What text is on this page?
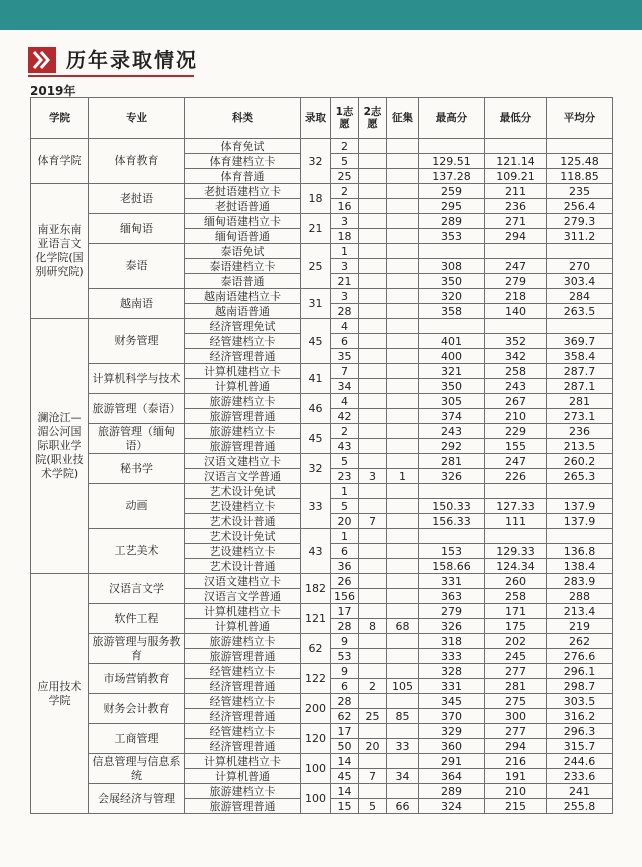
历年录取情况
2019年
学院	专业	科类	录取	1志愿	2志愿	征集	最高分	最低分	平均分
体育学院	体育教育	体育免试	32	2					
		体育建档立卡		5			129.51	121.14	125.48
		体育普通		25			137.28	109.21	118.85
南亚东南亚语言文化学院(国别研究院)	老挝语	老挝语建档立卡	18	2			259	211	235
		老挝语普通		16			295	236	256.4
	缅甸语	缅甸语建档立卡	21	3			289	271	279.3
		缅甸语普通		18			353	294	311.2
	泰语	泰语免试	25	1					
		泰语建档立卡		3			308	247	270
		泰语普通		21			350	279	303.4
	越南语	越南语建档立卡	31	3			320	218	284
		越南语普通		28			358	140	263.5
澜沧江—湄公河国际职业学院(职业技术学院)	财务管理	经济管理免试	45	4					
		经管建档立卡		6			401	352	369.7
		经济管理普通		35			400	342	358.4
	计算机科学与技术	计算机建档立卡	41	7			321	258	287.7
		计算机普通		34			350	243	287.1
	旅游管理（泰语）	旅游建档立卡	46	4			305	267	281
		旅游管理普通		42			374	210	273.1
	旅游管理（缅甸语）	旅游建档立卡	45	2			243	229	236
		旅游管理普通		43			292	155	213.5
	秘书学	汉语文建档立卡	32	5			281	247	260.2
		汉语言文学普通		23	3	1	326	226	265.3
	动画	艺术设计免试	33	1					
		艺设建档立卡		5			150.33	127.33	137.9
		艺术设计普通		20	7		156.33	111	137.9
	工艺美术	艺术设计免试	43	1					
		艺设建档立卡		6			153	129.33	136.8
		艺术设计普通		36			158.66	124.34	138.4
应用技术学院	汉语言文学	汉语文建档立卡	182	26			331	260	283.9
		汉语言文学普通		156			363	258	288
	软件工程	计算机建档立卡	121	17			279	171	213.4
		计算机普通		28	8	68	326	175	219
	旅游管理与服务教育	旅游建档立卡	62	9			318	202	262
		旅游管理普通		53			333	245	276.6
	市场营销教育	经管建档立卡	122	9			328	277	296.1
		经济管理普通		6	2	105	331	281	298.7
	财务会计教育	经管建档立卡	200	28			345	275	303.5
		经济管理普通		62	25	85	370	300	316.2
	工商管理	经管建档立卡	120	17			329	277	296.3
		经济管理普通		50	20	33	360	294	315.7
	信息管理与信息系统	计算机建档立卡	100	14			291	216	244.6
		计算机普通		45	7	34	364	191	233.6
	会展经济与管理	旅游建档立卡	100	14			289	210	241
		旅游管理普通		15	5	66	324	215	255.8
